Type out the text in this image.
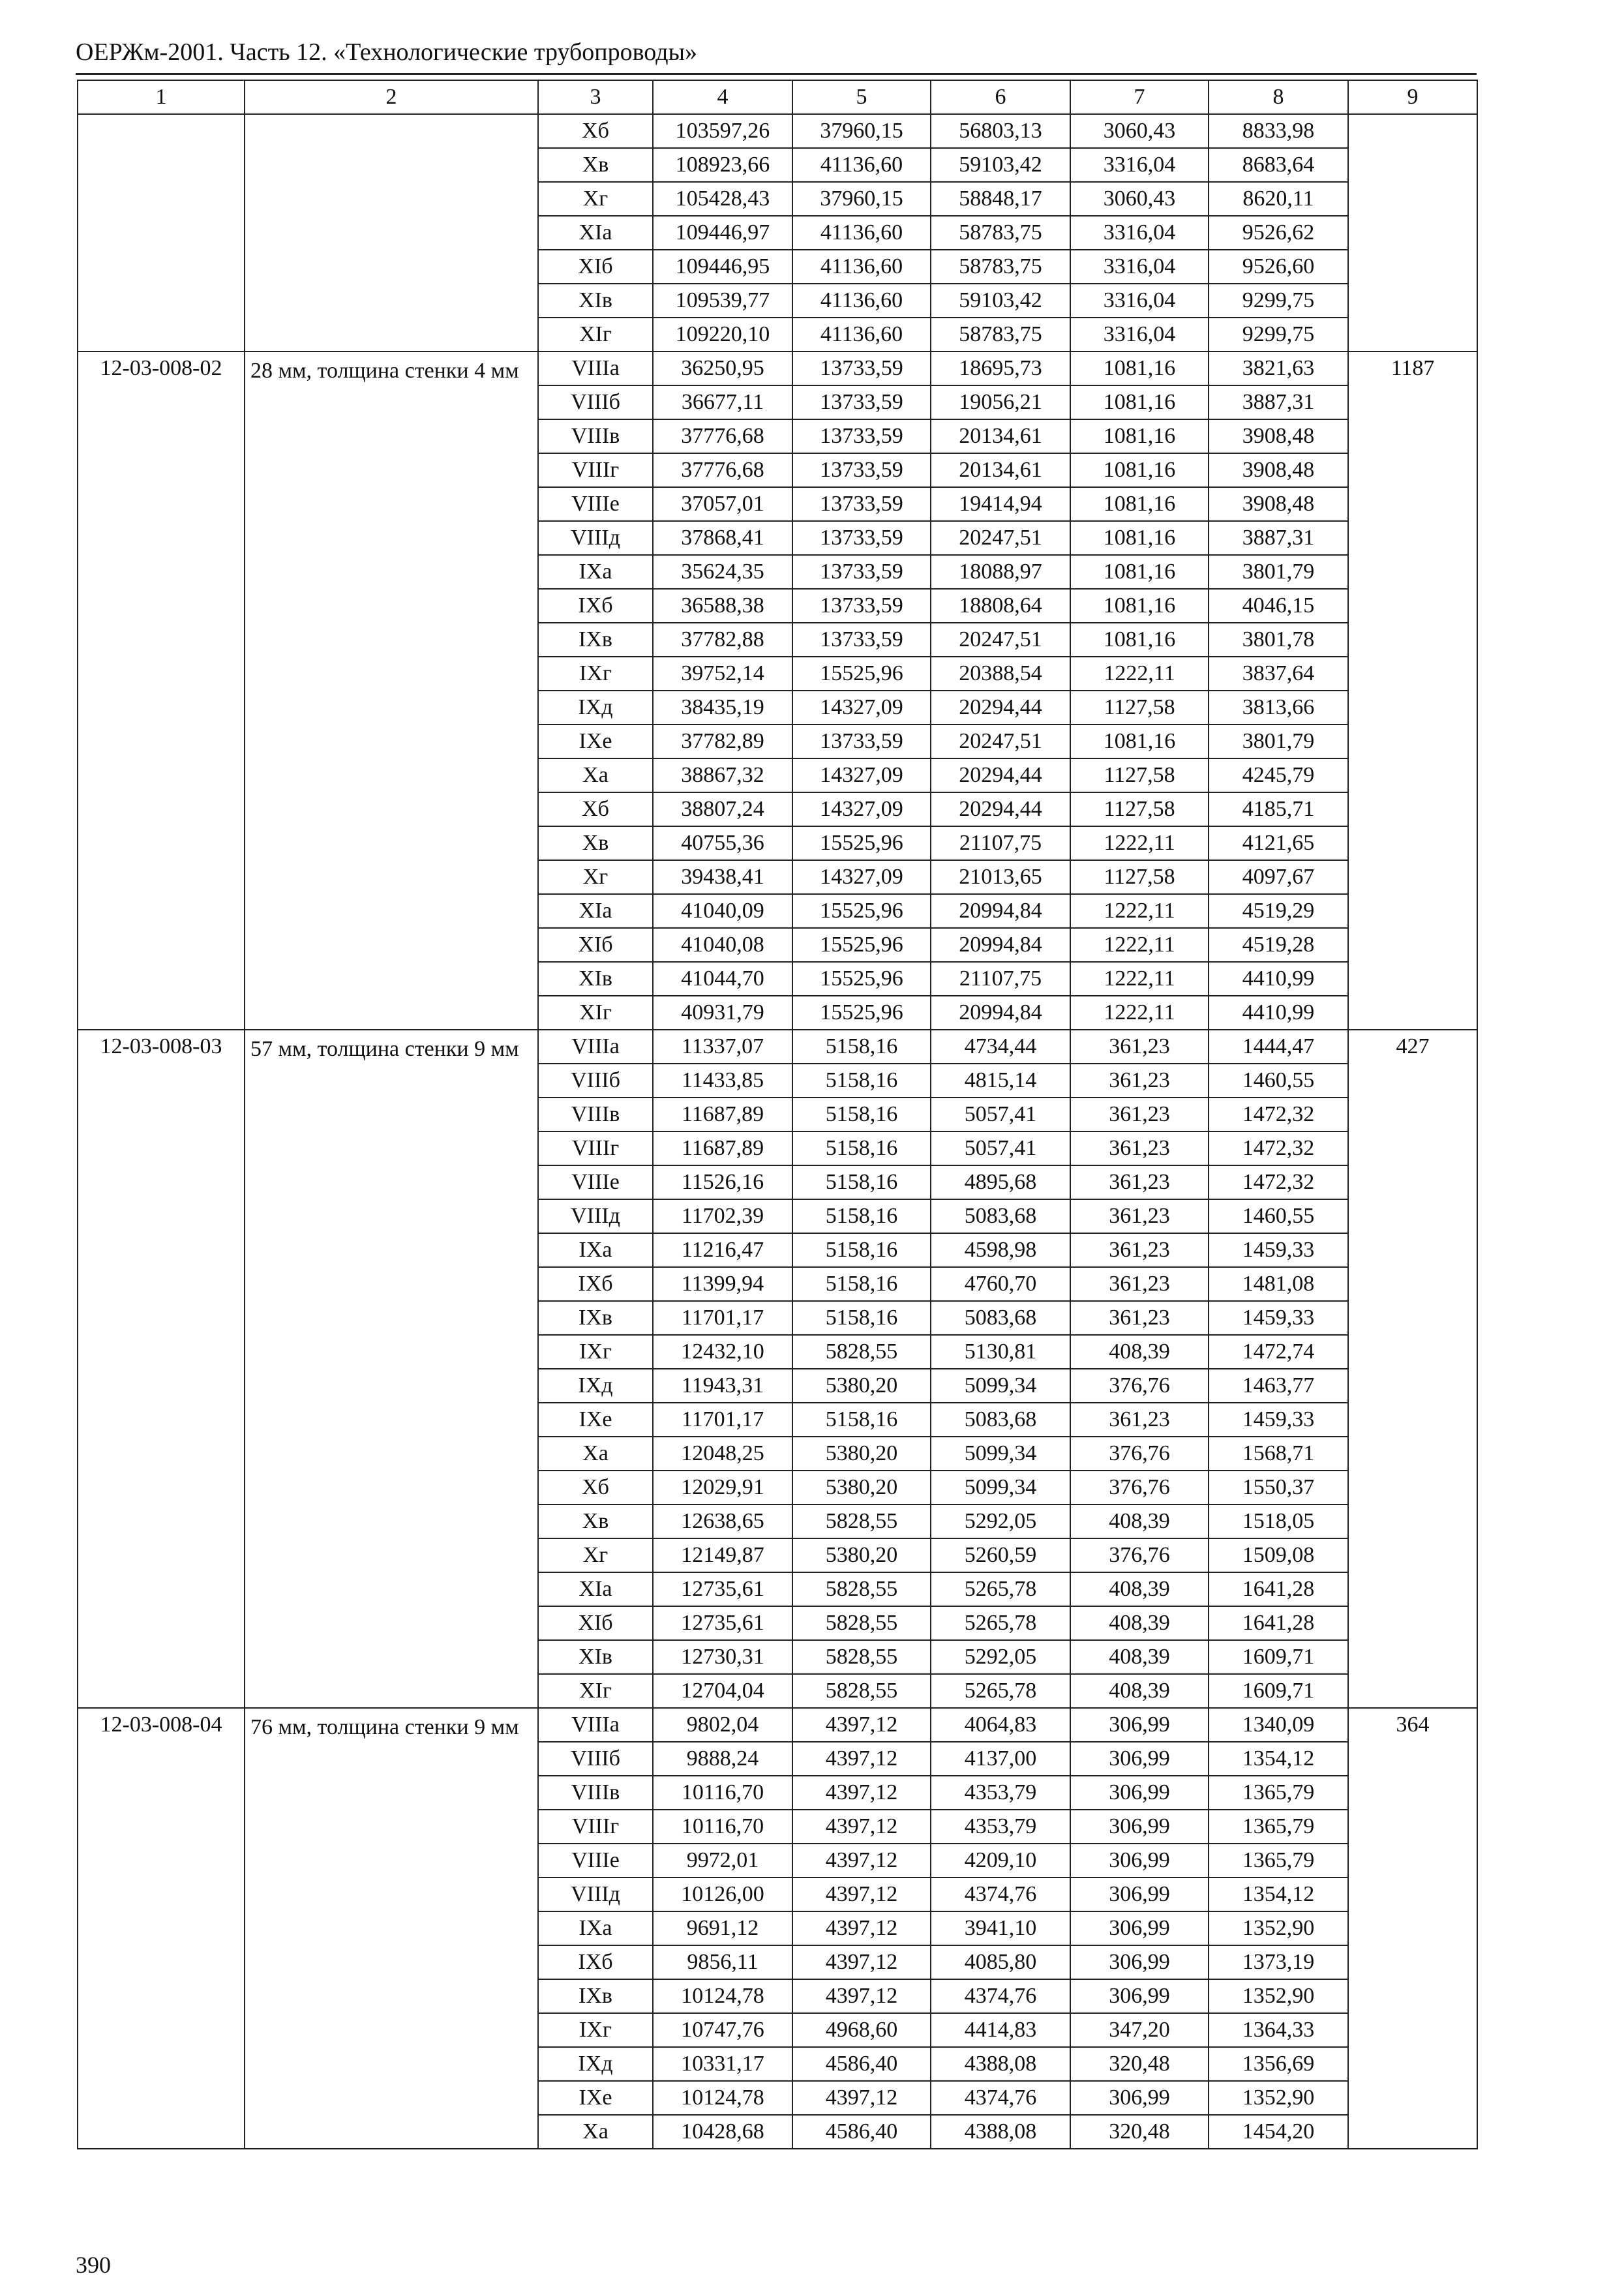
ОЕРЖм-2001. Часть 12. «Технологические трубопроводы»
1	2	3	4	5	6	7	8	9
		Xб	103597,26	37960,15	56803,13	3060,43	8833,98	
		Xв	108923,66	41136,60	59103,42	3316,04	8683,64	
		Xг	105428,43	37960,15	58848,17	3060,43	8620,11	
		XIa	109446,97	41136,60	58783,75	3316,04	9526,62	
		XIб	109446,95	41136,60	58783,75	3316,04	9526,60	
		XIв	109539,77	41136,60	59103,42	3316,04	9299,75	
		XIг	109220,10	41136,60	58783,75	3316,04	9299,75	
12-03-008-02	28 мм, толщина стенки 4 мм	VIIIa	36250,95	13733,59	18695,73	1081,16	3821,63	1187
		VIIIб	36677,11	13733,59	19056,21	1081,16	3887,31	
		VIIIв	37776,68	13733,59	20134,61	1081,16	3908,48	
		VIIIг	37776,68	13733,59	20134,61	1081,16	3908,48	
		VIIIe	37057,01	13733,59	19414,94	1081,16	3908,48	
		VIIIд	37868,41	13733,59	20247,51	1081,16	3887,31	
		IXa	35624,35	13733,59	18088,97	1081,16	3801,79	
		IXб	36588,38	13733,59	18808,64	1081,16	4046,15	
		IXв	37782,88	13733,59	20247,51	1081,16	3801,78	
		IXг	39752,14	15525,96	20388,54	1222,11	3837,64	
		IXд	38435,19	14327,09	20294,44	1127,58	3813,66	
		IXe	37782,89	13733,59	20247,51	1081,16	3801,79	
		Xa	38867,32	14327,09	20294,44	1127,58	4245,79	
		Xб	38807,24	14327,09	20294,44	1127,58	4185,71	
		Xв	40755,36	15525,96	21107,75	1222,11	4121,65	
		Xг	39438,41	14327,09	21013,65	1127,58	4097,67	
		XIa	41040,09	15525,96	20994,84	1222,11	4519,29	
		XIб	41040,08	15525,96	20994,84	1222,11	4519,28	
		XIв	41044,70	15525,96	21107,75	1222,11	4410,99	
		XIг	40931,79	15525,96	20994,84	1222,11	4410,99	
12-03-008-03	57 мм, толщина стенки 9 мм	VIIIa	11337,07	5158,16	4734,44	361,23	1444,47	427
		VIIIб	11433,85	5158,16	4815,14	361,23	1460,55	
		VIIIв	11687,89	5158,16	5057,41	361,23	1472,32	
		VIIIг	11687,89	5158,16	5057,41	361,23	1472,32	
		VIIIe	11526,16	5158,16	4895,68	361,23	1472,32	
		VIIIд	11702,39	5158,16	5083,68	361,23	1460,55	
		IXa	11216,47	5158,16	4598,98	361,23	1459,33	
		IXб	11399,94	5158,16	4760,70	361,23	1481,08	
		IXв	11701,17	5158,16	5083,68	361,23	1459,33	
		IXг	12432,10	5828,55	5130,81	408,39	1472,74	
		IXд	11943,31	5380,20	5099,34	376,76	1463,77	
		IXe	11701,17	5158,16	5083,68	361,23	1459,33	
		Xa	12048,25	5380,20	5099,34	376,76	1568,71	
		Xб	12029,91	5380,20	5099,34	376,76	1550,37	
		Xв	12638,65	5828,55	5292,05	408,39	1518,05	
		Xг	12149,87	5380,20	5260,59	376,76	1509,08	
		XIa	12735,61	5828,55	5265,78	408,39	1641,28	
		XIб	12735,61	5828,55	5265,78	408,39	1641,28	
		XIв	12730,31	5828,55	5292,05	408,39	1609,71	
		XIг	12704,04	5828,55	5265,78	408,39	1609,71	
12-03-008-04	76 мм, толщина стенки 9 мм	VIIIa	9802,04	4397,12	4064,83	306,99	1340,09	364
		VIIIб	9888,24	4397,12	4137,00	306,99	1354,12	
		VIIIв	10116,70	4397,12	4353,79	306,99	1365,79	
		VIIIг	10116,70	4397,12	4353,79	306,99	1365,79	
		VIIIe	9972,01	4397,12	4209,10	306,99	1365,79	
		VIIIд	10126,00	4397,12	4374,76	306,99	1354,12	
		IXa	9691,12	4397,12	3941,10	306,99	1352,90	
		IXб	9856,11	4397,12	4085,80	306,99	1373,19	
		IXв	10124,78	4397,12	4374,76	306,99	1352,90	
		IXг	10747,76	4968,60	4414,83	347,20	1364,33	
		IXд	10331,17	4586,40	4388,08	320,48	1356,69	
		IXe	10124,78	4397,12	4374,76	306,99	1352,90	
		Xa	10428,68	4586,40	4388,08	320,48	1454,20	
390
